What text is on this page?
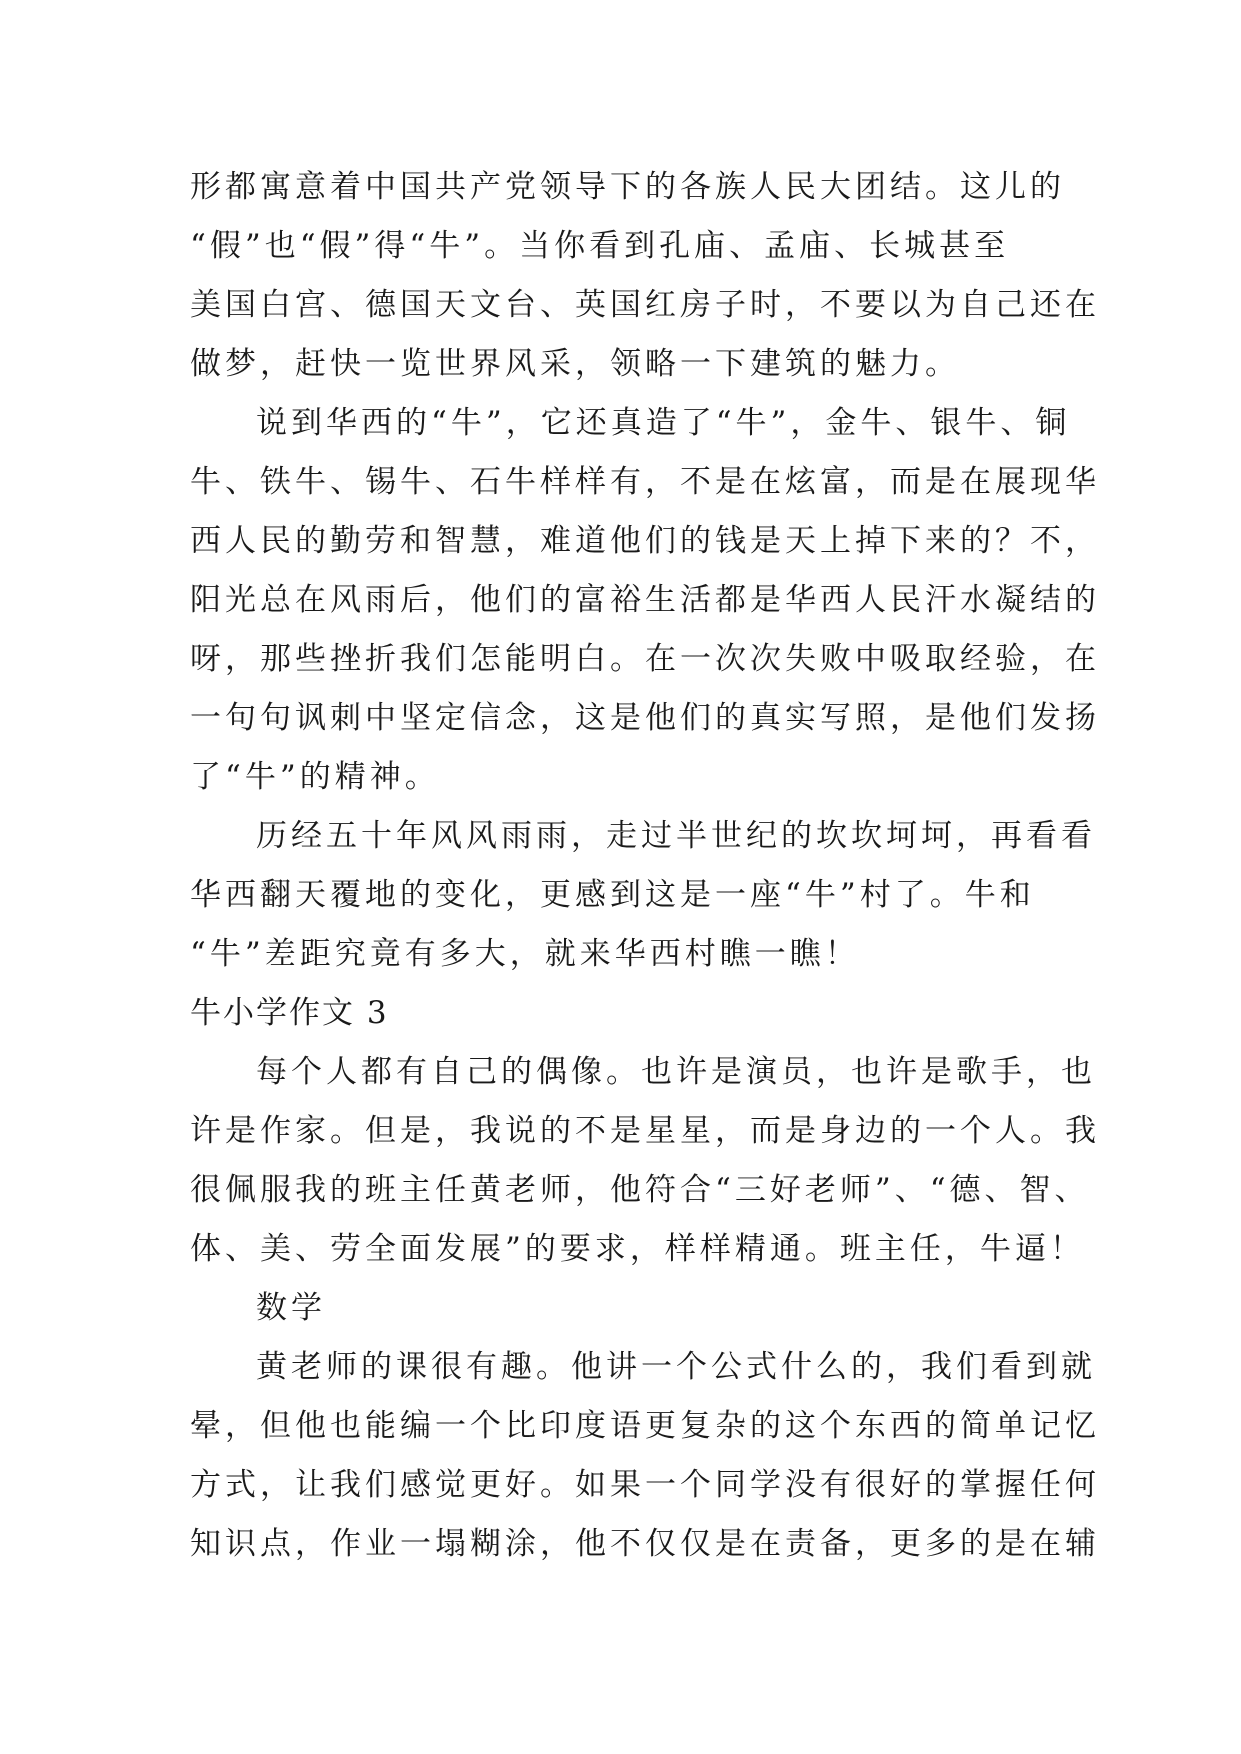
形都寓意着中国共产党领导下的各族人民大团结。这儿的
“假”也“假”得“牛”。当你看到孔庙、孟庙、长城甚至
美国白宫、德国天文台、英国红房子时，不要以为自己还在
做梦，赶快一览世界风采，领略一下建筑的魅力。
说到华西的“牛”，它还真造了“牛”，金牛、银牛、铜
牛、铁牛、锡牛、石牛样样有，不是在炫富，而是在展现华
西人民的勤劳和智慧，难道他们的钱是天上掉下来的？不，
阳光总在风雨后，他们的富裕生活都是华西人民汗水凝结的
呀，那些挫折我们怎能明白。在一次次失败中吸取经验，在
一句句讽刺中坚定信念，这是他们的真实写照，是他们发扬
了“牛”的精神。
历经五十年风风雨雨，走过半世纪的坎坎坷坷，再看看
华西翻天覆地的变化，更感到这是一座“牛”村了。牛和
“牛”差距究竟有多大，就来华西村瞧一瞧！
牛小学作文 3
每个人都有自己的偶像。也许是演员，也许是歌手，也
许是作家。但是，我说的不是星星，而是身边的一个人。我
很佩服我的班主任黄老师，他符合“三好老师”、“德、智、
体、美、劳全面发展”的要求，样样精通。班主任，牛逼！
数学
黄老师的课很有趣。他讲一个公式什么的，我们看到就
晕，但他也能编一个比印度语更复杂的这个东西的简单记忆
方式，让我们感觉更好。如果一个同学没有很好的掌握任何
知识点，作业一塌糊涂，他不仅仅是在责备，更多的是在辅
